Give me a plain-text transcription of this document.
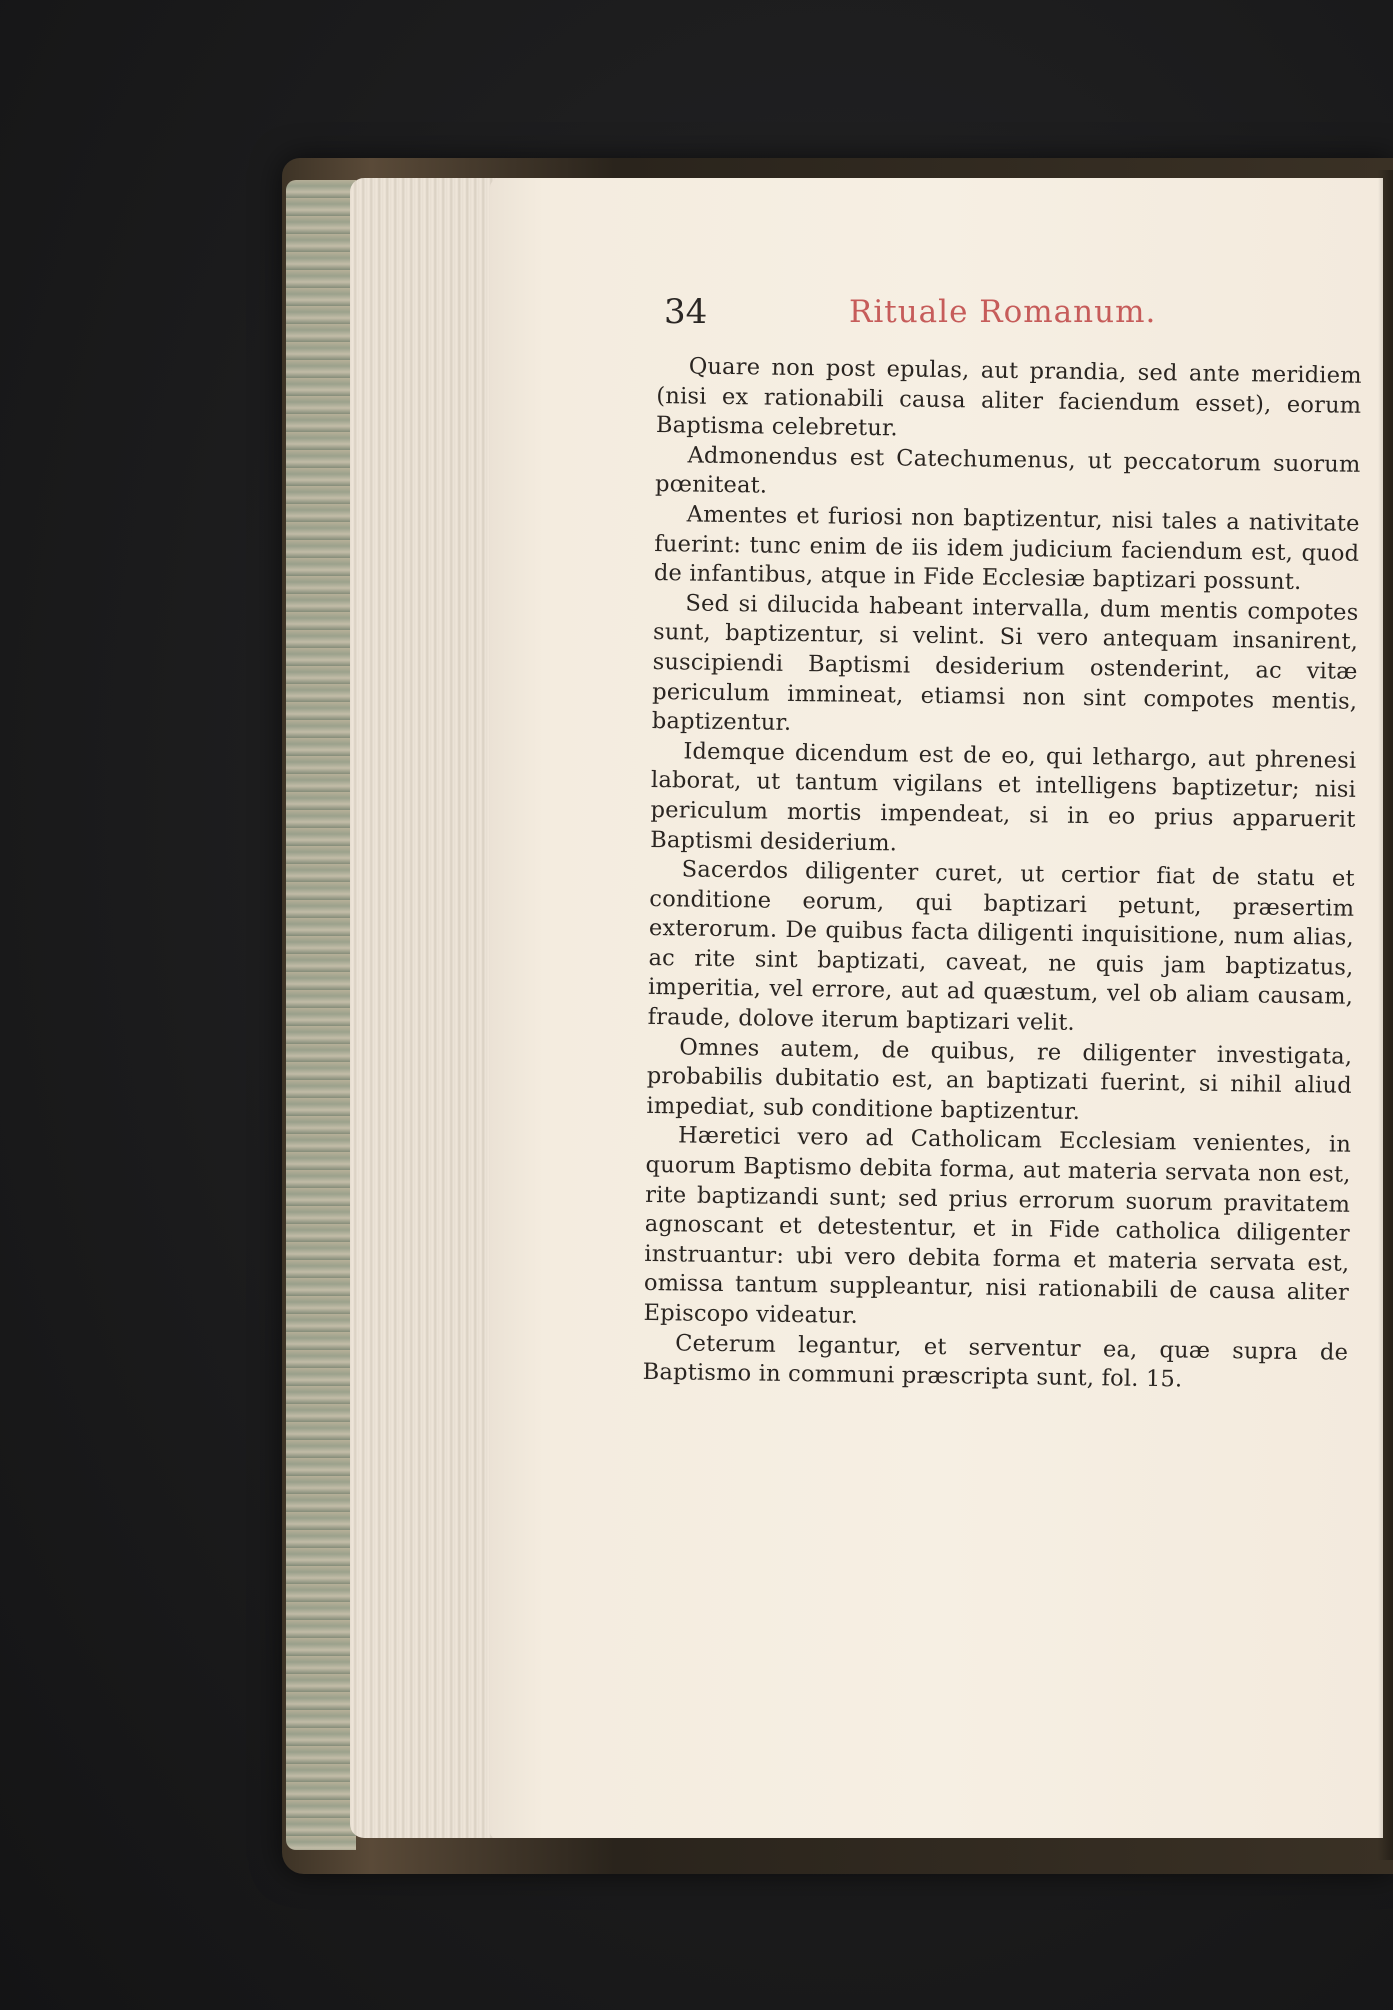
34	Rituale Romanum.

Quare non post epulas, aut prandia, sed ante meridiem (nisi ex rationabili causa aliter faciendum esset), eorum Baptisma celebretur.

Admonendus est Catechumenus, ut peccatorum suorum pœniteat.

Amentes et furiosi non baptizentur, nisi tales a nativitate fuerint: tunc enim de iis idem judicium faciendum est, quod de infantibus, atque in Fide Ecclesiæ baptizari possunt.

Sed si dilucida habeant intervalla, dum mentis compotes sunt, baptizentur, si velint. Si vero antequam insanirent, suscipiendi Baptismi desiderium ostenderint, ac vitæ periculum immineat, etiamsi non sint compotes mentis, baptizentur.

Idemque dicendum est de eo, qui lethargo, aut phrenesi laborat, ut tantum vigilans et intelligens baptizetur; nisi periculum mortis impendeat, si in eo prius apparuerit Baptismi desiderium.

Sacerdos diligenter curet, ut certior fiat de statu et conditione eorum, qui baptizari petunt, præsertim exterorum. De quibus facta diligenti inquisitione, num alias, ac rite sint baptizati, caveat, ne quis jam baptizatus, imperitia, vel errore, aut ad quæstum, vel ob aliam causam, fraude, dolove iterum baptizari velit.

Omnes autem, de quibus, re diligenter investigata, probabilis dubitatio est, an baptizati fuerint, si nihil aliud impediat, sub conditione baptizentur.

Hæretici vero ad Catholicam Ecclesiam venientes, in quorum Baptismo debita forma, aut materia servata non est, rite baptizandi sunt; sed prius errorum suorum pravitatem agnoscant et detestentur, et in Fide catholica diligenter instruantur: ubi vero debita forma et materia servata est, omissa tantum suppleantur, nisi rationabili de causa aliter Episcopo videatur.

Ceterum legantur, et serventur ea, quæ supra de Baptismo in communi præscripta sunt, fol. 15.
